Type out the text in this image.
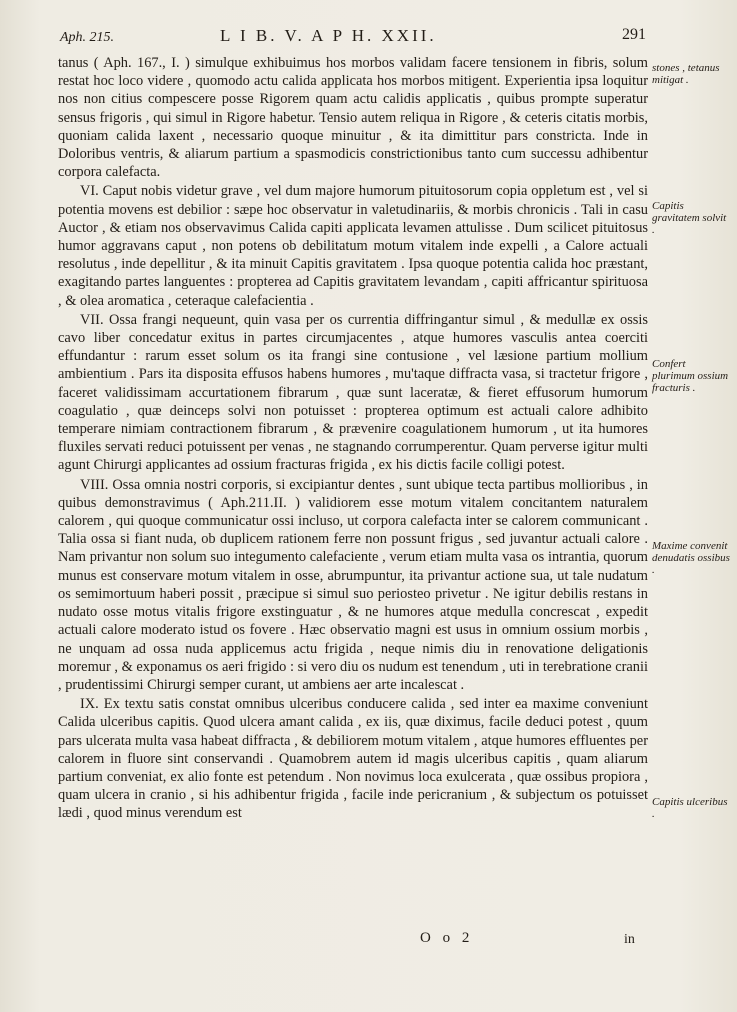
Aph. 215.	L I B. V. A P H. XXII.	291

tanus ( Aph. 167., I. ) simulque exhibuimus hos morbos validam facere tensionem in fibris, solum restat hoc loco videre , quomodo actu calida applicata hos morbos mitigent. Experientia ipsa loquitur nos non citius compescere posse Rigorem quam actu calidis applicatis , quibus prompte superatur sensus frigoris , qui simul in Rigore habetur. Tensio autem reliqua in Rigore , & ceteris citatis morbis, quoniam calida laxent , necessario quoque minuitur , & ita dimittitur pars constricta. Inde in Doloribus ventris, & aliarum partium a spasmodicis constrictionibus tanto cum successu adhibentur corpora calefacta.

VI. Caput nobis videtur grave , vel dum majore humorum pituitosorum copia oppletum est , vel si potentia movens est debilior : sæpe hoc observatur in valetudinariis, & morbis chronicis . Tali in casu Auctor , & etiam nos observavimus Calida capiti applicata levamen attulisse . Dum scilicet pituitosus humor aggravans caput , non potens ob debilitatum motum vitalem inde expelli , a Calore actuali resolutus , inde depellitur , & ita minuit Capitis gravitatem . Ipsa quoque potentia calida hoc præstant, exagitando partes languentes : propterea ad Capitis gravitatem levandam , capiti affricantur spirituosa , & olea aromatica , ceteraque calefacientia .

VII. Ossa frangi nequeunt, quin vasa per os currentia diffringantur simul , & medullæ ex ossis cavo liber concedatur exitus in partes circumjacentes , atque humores vasculis antea coerciti effundantur : rarum esset solum os ita frangi sine contusione , vel læsione partium mollium ambientium . Pars ita disposita effusos habens humores , mu'taque diffracta vasa, si tractetur frigore , faceret validissimam accurtationem fibrarum , quæ sunt laceratæ, & fieret effusorum humorum coagulatio , quæ deinceps solvi non potuisset : propterea optimum est actuali calore adhibito temperare nimiam contractionem fibrarum , & prævenire coagulationem humorum , ut ita humores fluxiles servati reduci potuissent per venas , ne stagnando corrumperentur. Quam perverse igitur multi agunt Chirurgi applicantes ad ossium fracturas frigida , ex his dictis facile colligi potest.

VIII. Ossa omnia nostri corporis, si excipiantur dentes , sunt ubique tecta partibus mollioribus , in quibus demonstravimus ( Aph.211.II. ) validiorem esse motum vitalem concitantem naturalem calorem , qui quoque communicatur ossi inclusо, ut corpora calefacta inter se calorem communicant . Talia ossa si fiant nuda, ob duplicem rationem ferre non possunt frigus , sed juvantur actuali calore . Nam privantur non solum suo integumento calefaciente , verum etiam multa vasa os intrantia, quorum munus est conservare motum vitalem in osse, abrumpuntur, ita privantur actione sua, ut tale nudatum os semimortuum haberi possit , præcipue si simul suo periosteo privetur . Ne igitur debilis restans in nudato osse motus vitalis frigore exstinguatur , & ne humores atque medulla concrescat , expedit actuali calore moderato istud os fovere . Hæc observatio magni est usus in omnium ossium morbis , ne unquam ad ossa nuda applicemus actu frigida , neque nimis diu in renovatione deligationis moremur , & exponamus os aeri frigido : si vero diu os nudum est tenendum , uti in terebratione cranii , prudentissimi Chirurgi semper curant, ut ambiens aer arte incalescat .

IX. Ex textu satis constat omnibus ulceribus conducere calida , sed inter ea maxime conveniunt Calida ulceribus capitis. Quod ulcera amant calida , ex iis, quæ diximus, facile deduci potest , quum pars ulcerata multa vasa habeat diffracta , & debiliorem motum vitalem , atque humores effluentes per calorem in fluore sint conservandi . Quamobrem autem id magis ulceribus capitis , quam aliarum partium conveniat, ex alio fonte est petendum . Non novimus loca exulcerata , quæ ossibus propiora , quam ulcera in cranio , si his adhibentur frigida , facile inde pericranium , & subjectum os potuisset lædi , quod minus verendum est

stones , tetanus mitigat .
Capitis gravitatem solvit .
Confert plurimum ossium fracturis .
Maxime convenit denudatis ossibus .
Capitis ulceribus .
O o 2	in
